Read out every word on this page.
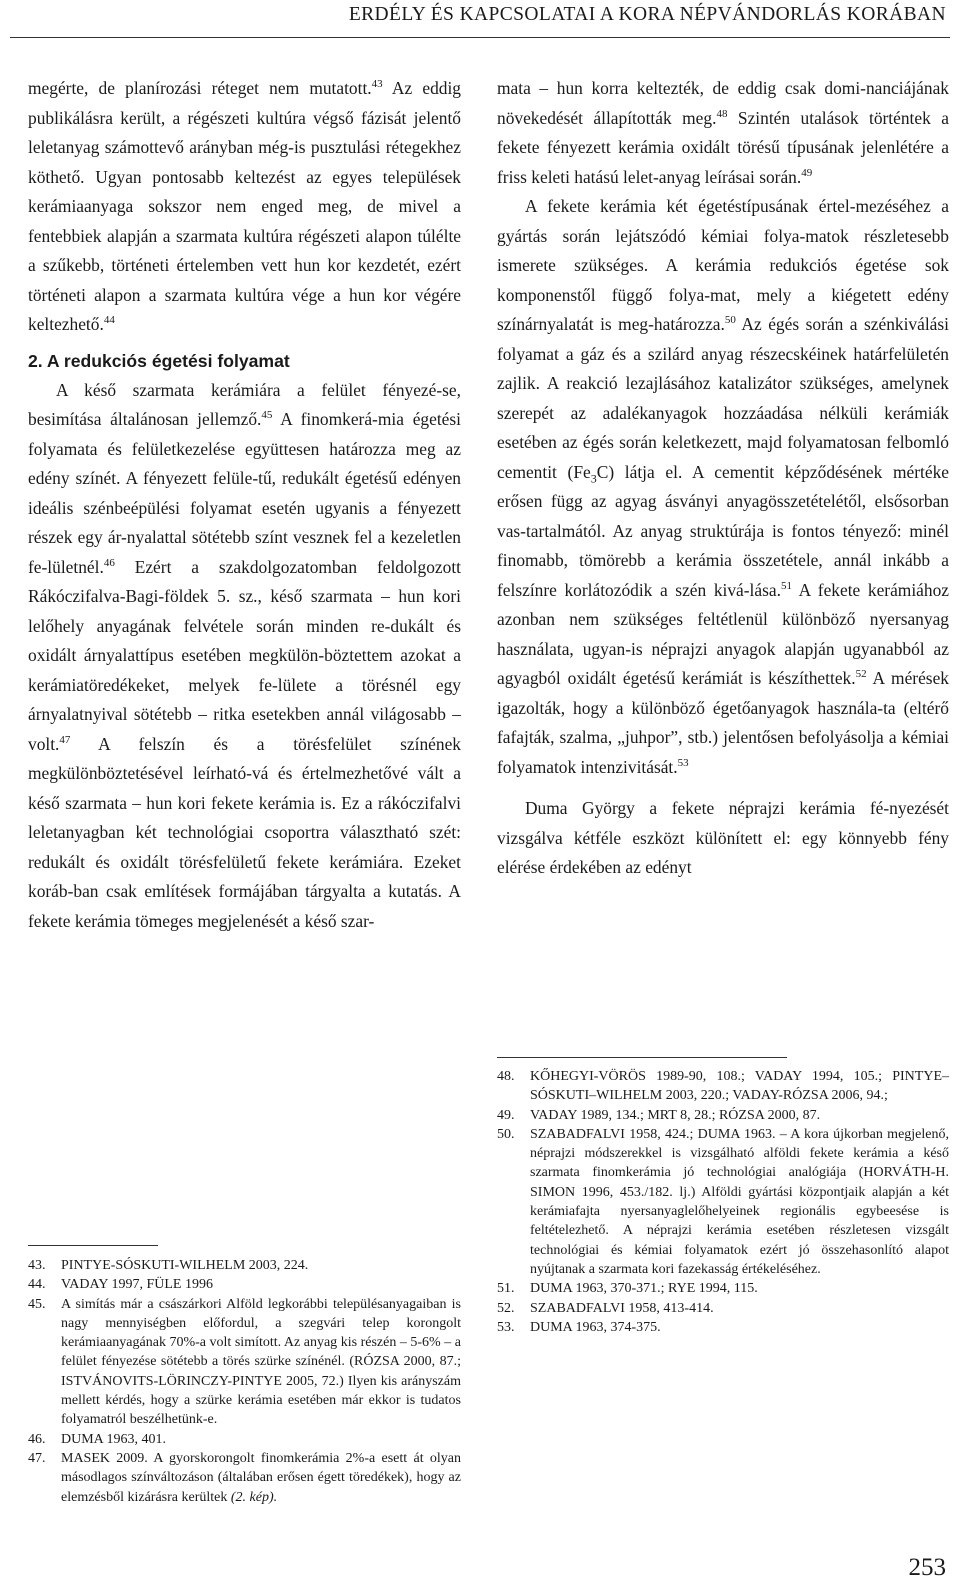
ERDÉLY ÉS KAPCSOLATAI A KORA NÉPVÁNDORLÁS KORÁBAN

megérte, de planírozási réteget nem mutatott.$^{43}$ Az eddig publikálásra került, a régészeti kultúra végső fázisát jelentő leletanyag számottevő arányban még-is pusztulási rétegekhez köthető. Ugyan pontosabb keltezést az egyes települések kerámiaanyaga sokszor nem enged meg, de mivel a fentebbiek alapján a szarmata kultúra régészeti alapon túlélte a szűkebb, történeti értelemben vett hun kor kezdetét, ezért történeti alapon a szarmata kultúra vége a hun kor végére keltezhető.$^{44}$

2. A redukciós égetési folyamat

A késő szarmata kerámiára a felület fényezé-se, besimítása általánosan jellemző.$^{45}$ A finomkerá-mia égetési folyamata és felületkezelése együttesen határozza meg az edény színét. A fényezett felüle-tű, redukált égetésű edényen ideális szénbeépülési folyamat esetén ugyanis a fényezett részek egy ár-nyalattal sötétebb színt vesznek fel a kezeletlen fe-lületnél.$^{46}$ Ezért a szakdolgozatomban feldolgozott Rákóczifalva-Bagi-földek 5. sz., késő szarmata – hun kori lelőhely anyagának felvétele során minden re-dukált és oxidált árnyalattípus esetében megkülön-böztettem azokat a kerámiatöredékeket, melyek fe-lülete a törésnél egy árnyalatnyival sötétebb – ritka esetekben annál világosabb – volt.$^{47}$ A felszín és a törésfelület színének megkülönböztetésével leírható-vá és értelmezhetővé vált a késő szarmata – hun kori fekete kerámia is. Ez a rákóczifalvi leletanyagban két technológiai csoportra választható szét: redukált és oxidált törésfelületű fekete kerámiára. Ezeket koráb-ban csak említések formájában tárgyalta a kutatás. A fekete kerámia tömeges megjelenését a késő szar-

43. PINTYE-SÓSKUTI-WILHELM 2003, 224.
44. VADAY 1997, FÜLE 1996
45. A simítás már a császárkori Alföld legkorábbi településanyagaiban is nagy mennyiségben előfordul, a szegvári telep korongolt kerámiaanyagának 70%-a volt simított. Az anyag kis részén – 5-6% – a felület fényezése sötétebb a törés szürke színénél. (RÓZSA 2000, 87.; ISTVÁNOVITS-LÖRINCZY-PINTYE 2005, 72.) Ilyen kis arányszám mellett kérdés, hogy a szürke kerámia esetében már ekkor is tudatos folyamatról beszélhetünk-e.
46. DUMA 1963, 401.
47. MASEK 2009. A gyorskorongolt finomkerámia 2%-a esett át olyan másodlagos színváltozáson (általában erősen égett töredékek), hogy az elemzésből kizárásra kerültek (2. kép).

mata – hun korra keltezték, de eddig csak domi-nanciájának növekedését állapították meg.$^{48}$ Szintén utalások történtek a fekete fényezett kerámia oxidált törésű típusának jelenlétére a friss keleti hatású lelet-anyag leírásai során.$^{49}$

A fekete kerámia két égetéstípusának értel-mezéséhez a gyártás során lejátszódó kémiai folya-matok részletesebb ismerete szükséges. A kerámia redukciós égetése sok komponenstől függő folya-mat, mely a kiégetett edény színárnyalatát is meg-határozza.$^{50}$ Az égés során a szénkiválási folyamat a gáz és a szilárd anyag részecskéinek határfelületén zajlik. A reakció lezajlásához katalizátor szükséges, amelynek szerepét az adalékanyagok hozzáadása nélküli kerámiák esetében az égés során keletkezett, majd folyamatosan felbomló cementit $(Fe_3C)$ látja el. A cementit képződésének mértéke erősen függ az agyag ásványi anyagösszetételétől, elsősorban vas-tartalmától. Az anyag struktúrája is fontos tényező: minél finomabb, tömörebb a kerámia összetétele, annál inkább a felszínre korlátozódik a szén kivá-lása.$^{51}$ A fekete kerámiához azonban nem szükséges feltétlenül különböző nyersanyag használata, ugyan-is néprajzi anyagok alapján ugyanabból az agyagból oxidált égetésű kerámiát is készíthettek.$^{52}$ A mérések igazolták, hogy a különböző égetőanyagok használa-ta (eltérő fafajták, szalma, „juhpor”, stb.) jelentősen befolyásolja a kémiai folyamatok intenzivitását.$^{53}$

Duma György a fekete néprajzi kerámia fé-nyezését vizsgálva kétféle eszközt különített el: egy könnyebb fény elérése érdekében az edényt

48. KŐHEGYI-VÖRÖS 1989-90, 108.; VADAY 1994, 105.; PINTYE–SÓSKUTI–WILHELM 2003, 220.; VADAY-RÓZSA 2006, 94.;
49. VADAY 1989, 134.; MRT 8, 28.; RÓZSA 2000, 87.
50. SZABADFALVI 1958, 424.; DUMA 1963. – A kora újkorban megjelenő, néprajzi módszerekkel is vizsgálható alföldi fekete kerámia a késő szarmata finomkerámia jó technológiai analógiája (HORVÁTH-H. SIMON 1996, 453./182. lj.) Alföldi gyártási központjaik alapján a két kerámiafajta nyersanyaglelőhelyeinek regionális egybeesése is feltételezhető. A néprajzi kerámia esetében részletesen vizsgált technológiai és kémiai folyamatok ezért jó összehasonlító alapot nyújtanak a szarmata kori fazekasság értékeléséhez.
51. DUMA 1963, 370-371.; RYE 1994, 115.
52. SZABADFALVI 1958, 413-414.
53. DUMA 1963, 374-375.
253
